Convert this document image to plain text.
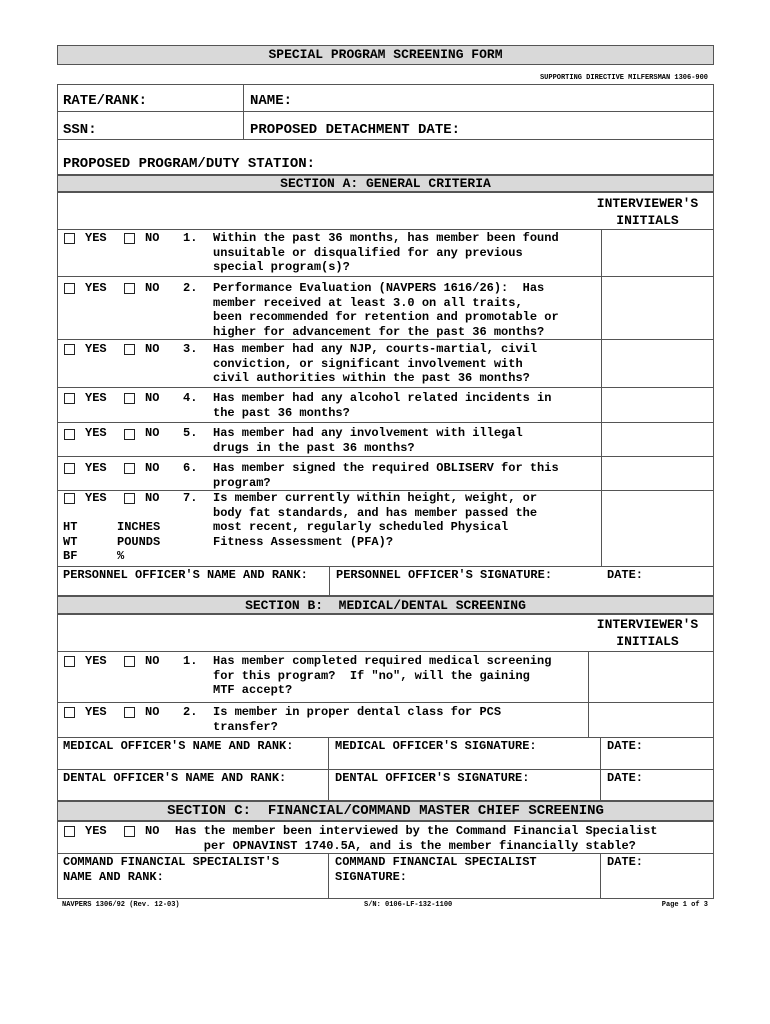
SPECIAL PROGRAM SCREENING FORM
SUPPORTING DIRECTIVE MILFERSMAN 1306-900
RATE/RANK:	NAME:
SSN:	PROPOSED DETACHMENT DATE:
PROPOSED PROGRAM/DUTY STATION:
SECTION A: GENERAL CRITERIA
INTERVIEWER'S
INITIALS
YES	NO 1. Within the past 36 months, has member been found
unsuitable or disqualified for any previous
special program(s)?
YES	NO 2. Performance Evaluation (NAVPERS 1616/26):  Has
member received at least 3.0 on all traits,
been recommended for retention and promotable or
higher for advancement for the past 36 months?
YES	NO 3. Has member had any NJP, courts-martial, civil
conviction, or significant involvement with
civil authorities within the past 36 months?
YES	NO 4. Has member had any alcohol related incidents in
the past 36 months?
YES	NO 5. Has member had any involvement with illegal
drugs in the past 36 months?
YES	NO 6. Has member signed the required OBLISERV for this
program?
YES	NO 7. Is member currently within height, weight, or
body fat standards, and has member passed the
most recent, regularly scheduled Physical
Fitness Assessment (PFA)?
HT	INCHES
WT	POUNDS
BF	%
PERSONNEL OFFICER'S NAME AND RANK: PERSONNEL OFFICER'S SIGNATURE:	DATE:
SECTION B:  MEDICAL/DENTAL SCREENING
INTERVIEWER'S
INITIALS
YES	NO 1. Has member completed required medical screening
for this program?  If "no", will the gaining
MTF accept?
YES	NO 2. Is member in proper dental class for PCS
transfer?
MEDICAL OFFICER'S NAME AND RANK:	MEDICAL OFFICER'S SIGNATURE:	DATE:
DENTAL OFFICER'S NAME AND RANK:	DENTAL OFFICER'S SIGNATURE:	DATE:
SECTION C:  FINANCIAL/COMMAND MASTER CHIEF SCREENING
YES	NO Has the member been interviewed by the Command Financial Specialist
per OPNAVINST 1740.5A, and is the member financially stable?
COMMAND FINANCIAL SPECIALIST'S
NAME AND RANK:
COMMAND FINANCIAL SPECIALIST
SIGNATURE:
DATE:
NAVPERS 1306/92 (Rev. 12-03)	S/N: 0106-LF-132-1100	Page 1 of 3
